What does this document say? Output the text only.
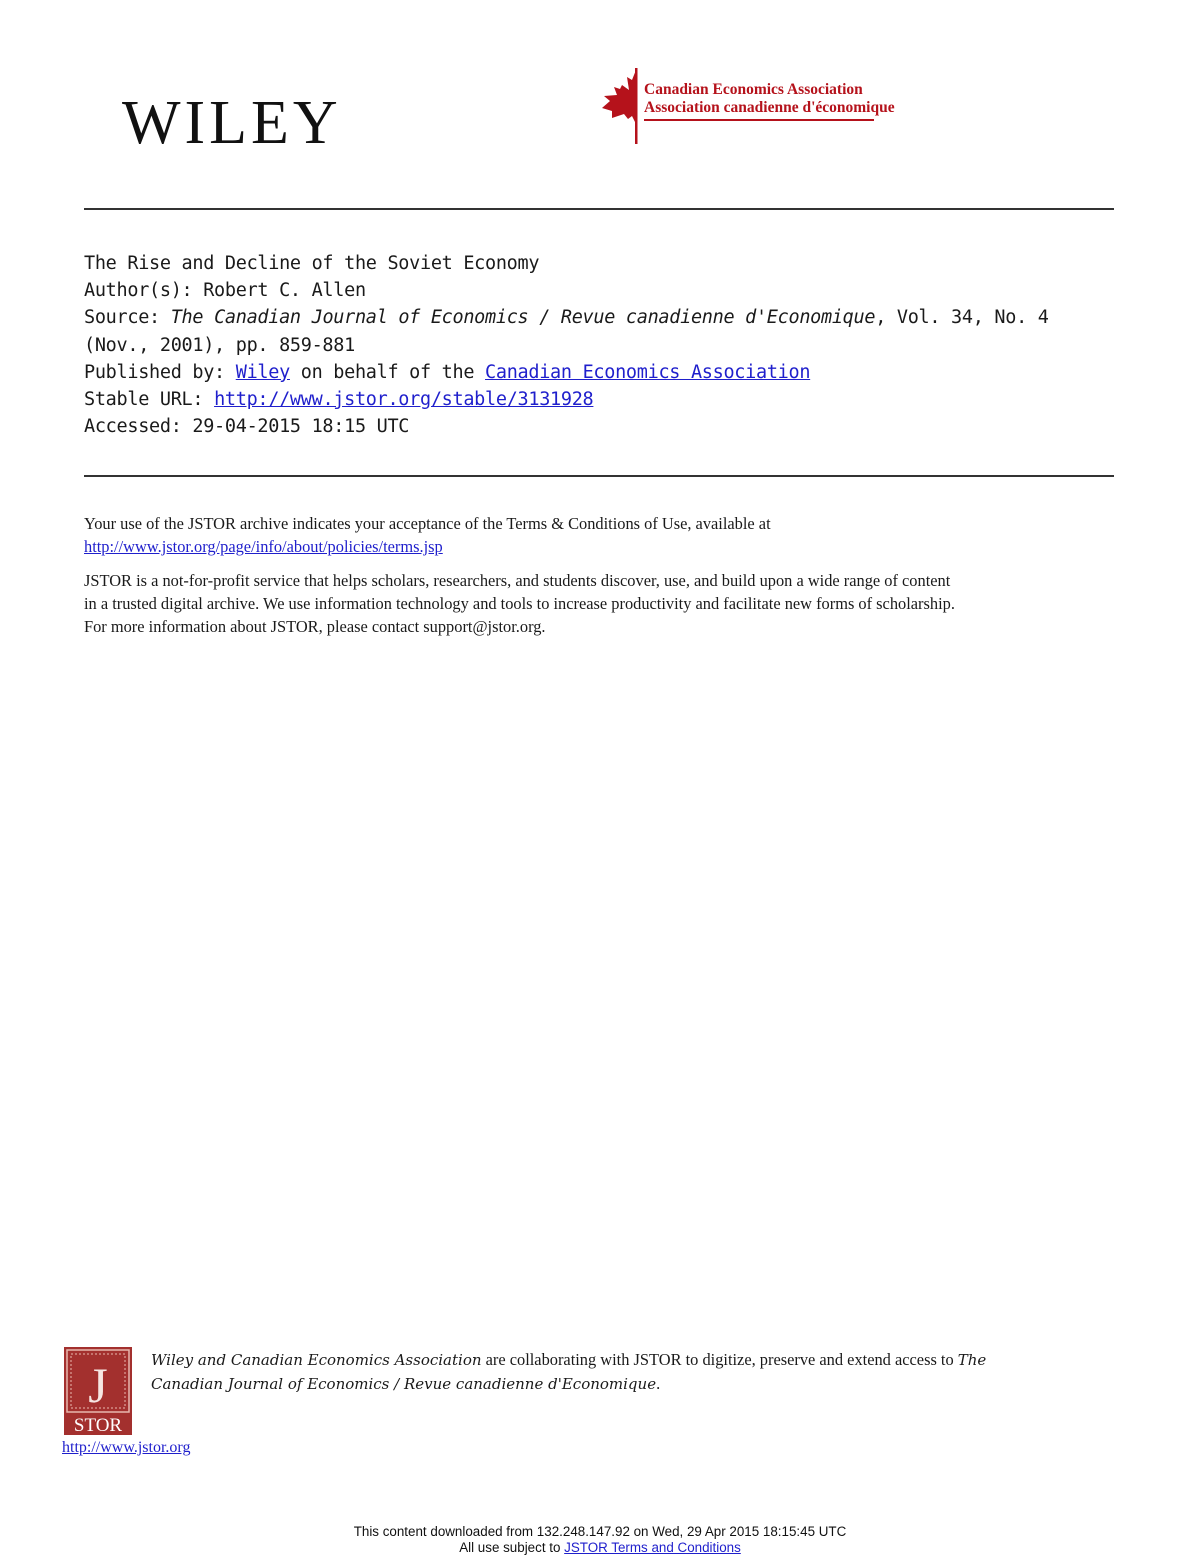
WILEY	Canadian Economics Association
Association canadienne d'économique
The Rise and Decline of the Soviet Economy
Author(s): Robert C. Allen
Source: The Canadian Journal of Economics / Revue canadienne d'Economique, Vol. 34, No. 4
(Nov., 2001), pp. 859-881
Published by: Wiley on behalf of the Canadian Economics Association
Stable URL: http://www.jstor.org/stable/3131928
Accessed: 29-04-2015 18:15 UTC

Your use of the JSTOR archive indicates your acceptance of the Terms & Conditions of Use, available at

http://www.jstor.org/page/info/about/policies/terms.jsp

JSTOR is a not-for-profit service that helps scholars, researchers, and students discover, use, and build upon a wide range of content

in a trusted digital archive. We use information technology and tools to increase productivity and facilitate new forms of scholarship.

For more information about JSTOR, please contact support@jstor.org.

J
STOR
http://www.jstor.org
Wiley and Canadian Economics Association are collaborating with JSTOR to digitize, preserve and extend access to The
Canadian Journal of Economics / Revue canadienne d'Economique.
This content downloaded from 132.248.147.92 on Wed, 29 Apr 2015 18:15:45 UTC
All use subject to JSTOR Terms and Conditions
